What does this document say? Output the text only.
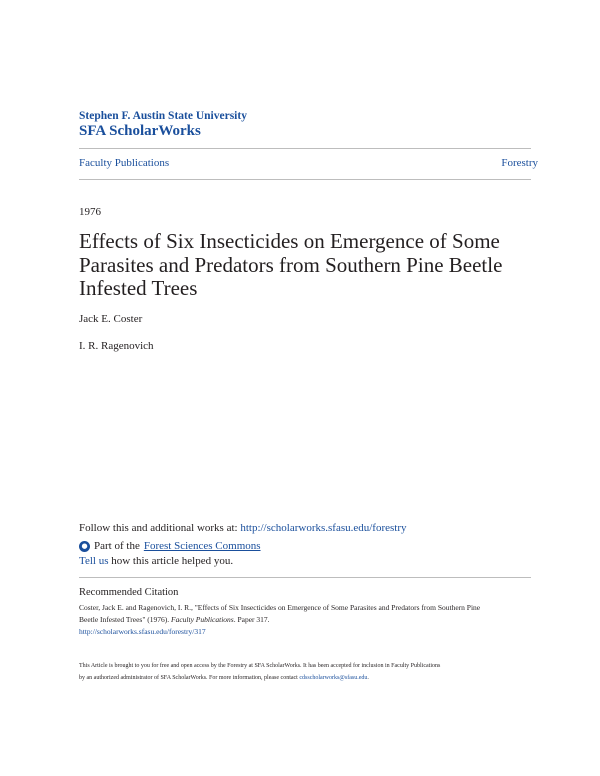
Stephen F. Austin State University
SFA ScholarWorks
Faculty Publications	Forestry
1976
Effects of Six Insecticides on Emergence of Some Parasites and Predators from Southern Pine Beetle Infested Trees
Jack E. Coster
I. R. Ragenovich
Follow this and additional works at: http://scholarworks.sfasu.edu/forestry
● Part of the Forest Sciences Commons
Tell us how this article helped you.
Recommended Citation
Coster, Jack E. and Ragenovich, I. R., "Effects of Six Insecticides on Emergence of Some Parasites and Predators from Southern Pine
Beetle Infested Trees" (1976). Faculty Publications. Paper 317.
http://scholarworks.sfasu.edu/forestry/317
This Article is brought to you for free and open access by the Forestry at SFA ScholarWorks. It has been accepted for inclusion in Faculty Publications
by an authorized administrator of SFA ScholarWorks. For more information, please contact cdsscholarworks@sfasu.edu.
